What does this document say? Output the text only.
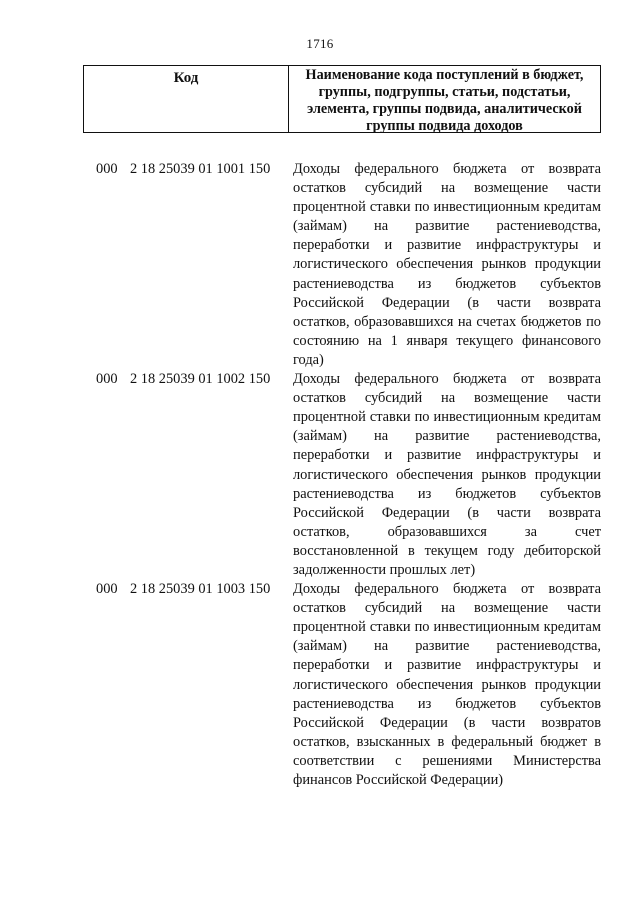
1716
Код	Наименование кода поступлений в бюджет, группы, подгруппы, статьи, подстатьи, элемента, группы подвида, аналитической группы подвида доходов
000 2 18 25039 01 1001 150 Доходы федерального бюджета от возврата остатков субсидий на возмещение части процентной ставки по инвестиционным кредитам (займам) на развитие растениеводства, переработки и развитие инфраструктуры и логистического обеспечения рынков продукции растениеводства из бюджетов субъектов Российской Федерации (в части возврата остатков, образовавшихся на счетах бюджетов по состоянию на 1 января текущего финансового года)
000 2 18 25039 01 1002 150 Доходы федерального бюджета от возврата остатков субсидий на возмещение части процентной ставки по инвестиционным кредитам (займам) на развитие растениеводства, переработки и развитие инфраструктуры и логистического обеспечения рынков продукции растениеводства из бюджетов субъектов Российской Федерации (в части возврата остатков, образовавшихся за счет восстановленной в текущем году дебиторской задолженности прошлых лет)
000 2 18 25039 01 1003 150 Доходы федерального бюджета от возврата остатков субсидий на возмещение части процентной ставки по инвестиционным кредитам (займам) на развитие растениеводства, переработки и развитие инфраструктуры и логистического обеспечения рынков продукции растениеводства из бюджетов субъектов Российской Федерации (в части возвратов остатков, взысканных в федеральный бюджет в соответствии с решениями Министерства финансов Российской Федерации)
